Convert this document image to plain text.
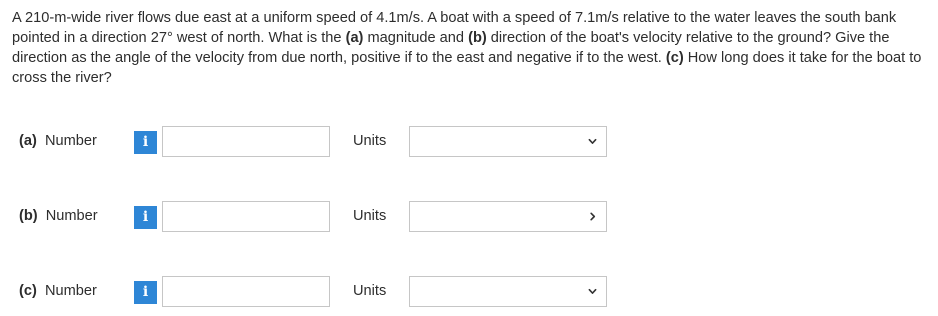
A 210-m-wide river flows due east at a uniform speed of 4.1m/s. A boat with a speed of 7.1m/s relative to the water leaves the south bank pointed in a direction 27° west of north. What is the (a) magnitude and (b) direction of the boat's velocity relative to the ground? Give the direction as the angle of the velocity from due north, positive if to the east and negative if to the west. (c) How long does it take for the boat to cross the river?

(a) Number	i	Units
(b) Number	i	Units
(c) Number	i	Units
